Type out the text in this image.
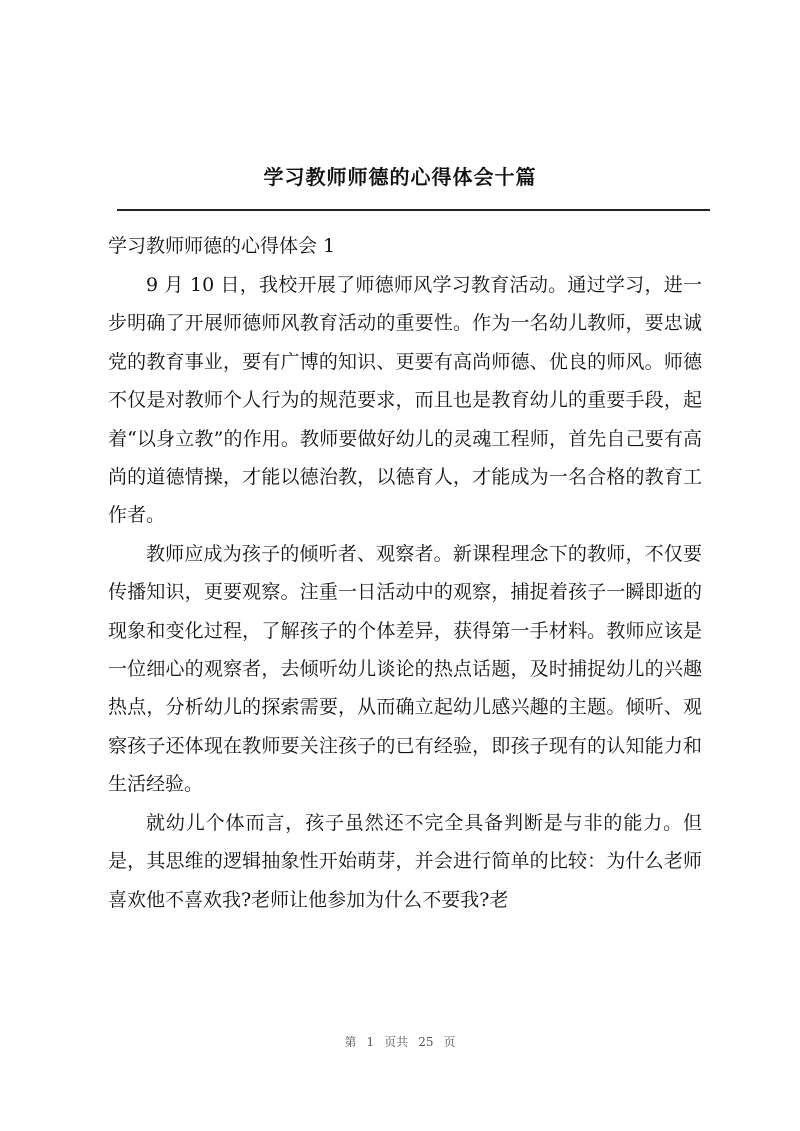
学习教师师德的心得体会十篇
学习教师师德的心得体会 1

9 月 10 日，我校开展了师德师风学习教育活动。通过学习，进一步明确了开展师德师风教育活动的重要性。作为一名幼儿教师，要忠诚党的教育事业，要有广博的知识、更要有高尚师德、优良的师风。师德不仅是对教师个人行为的规范要求，而且也是教育幼儿的重要手段，起着“以身立教”的作用。教师要做好幼儿的灵魂工程师，首先自己要有高尚的道德情操，才能以德治教，以德育人，才能成为一名合格的教育工作者。

教师应成为孩子的倾听者、观察者。新课程理念下的教师，不仅要传播知识，更要观察。注重一日活动中的观察，捕捉着孩子一瞬即逝的现象和变化过程，了解孩子的个体差异，获得第一手材料。教师应该是一位细心的观察者，去倾听幼儿谈论的热点话题，及时捕捉幼儿的兴趣热点，分析幼儿的探索需要，从而确立起幼儿感兴趣的主题。倾听、观察孩子还体现在教师要关注孩子的已有经验，即孩子现有的认知能力和生活经验。

就幼儿个体而言，孩子虽然还不完全具备判断是与非的能力。但是，其思维的逻辑抽象性开始萌芽，并会进行简单的比较：为什么老师喜欢他不喜欢我?老师让他参加为什么不要我?老

第 1 页共 25 页
